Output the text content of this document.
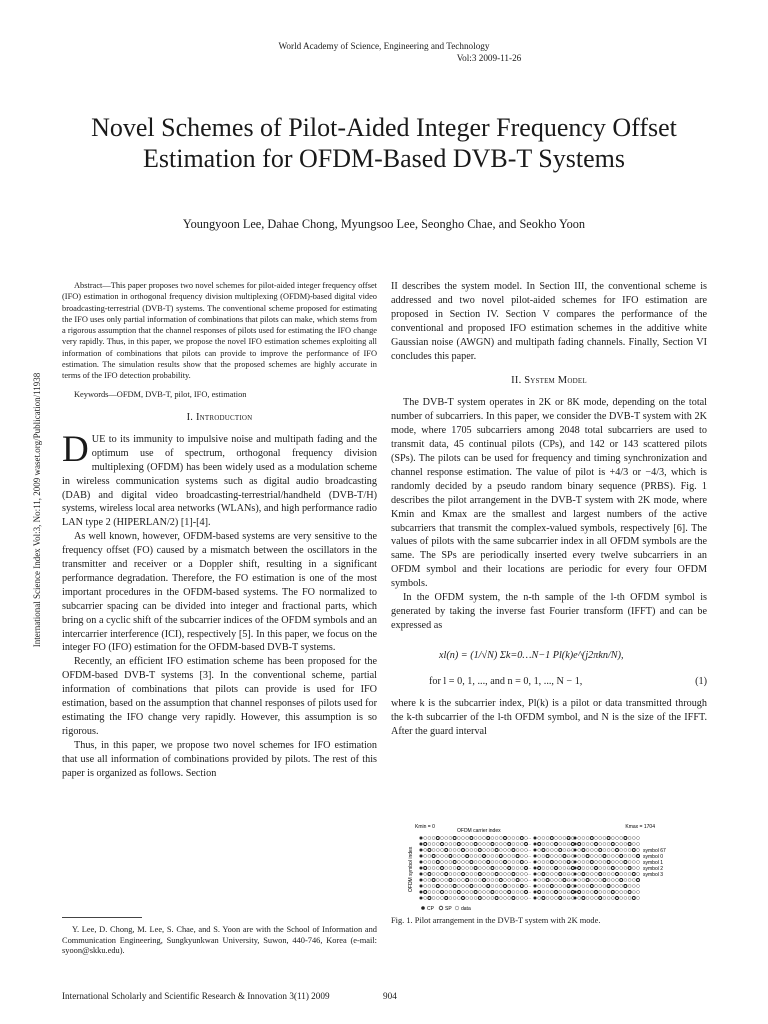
World Academy of Science, Engineering and Technology
Vol:3 2009-11-26
Novel Schemes of Pilot-Aided Integer Frequency Offset Estimation for OFDM-Based DVB-T Systems
Youngyoon Lee, Dahae Chong, Myungsoo Lee, Seongho Chae, and Seokho Yoon
International Science Index Vol:3, No:11, 2009 waset.org/Publication/11938

Abstract—This paper proposes two novel schemes for pilot-aided integer frequency offset (IFO) estimation in orthogonal frequency division multiplexing (OFDM)-based digital video broadcasting-terrestrial (DVB-T) systems. The conventional scheme proposed for estimating the IFO uses only partial information of combinations that pilots can make, which stems from a rigorous assumption that the channel responses of pilots used for estimating the IFO change very rapidly. Thus, in this paper, we propose the novel IFO estimation schemes exploiting all information of combinations that pilots can provide to improve the performance of IFO estimation. The simulation results show that the proposed schemes are highly accurate in terms of the IFO detection probability.

Keywords—OFDM, DVB-T, pilot, IFO, estimation

I. Introduction

DUE to its immunity to impulsive noise and multipath fading and the optimum use of spectrum, orthogonal frequency division multiplexing (OFDM) has been widely used as a modulation scheme in wireless communication systems such as digital audio broadcasting (DAB) and digital video broadcasting-terrestrial/handheld (DVB-T/H) systems, wireless local area networks (WLANs), and high performance radio LAN type 2 (HIPERLAN/2) [1]-[4].

As well known, however, OFDM-based systems are very sensitive to the frequency offset (FO) caused by a mismatch between the oscillators in the transmitter and receiver or a Doppler shift, resulting in a significant performance degradation. Therefore, the FO estimation is one of the most important procedures in the OFDM-based systems. The FO normalized to subcarrier spacing can be divided into integer and fractional parts, which bring on a cyclic shift of the subcarrier indices of the OFDM symbols and an intercarrier interference (ICI), respectively [5]. In this paper, we focus on the integer FO (IFO) estimation for the OFDM-based DVB-T systems.

Recently, an efficient IFO estimation scheme has been proposed for the OFDM-based DVB-T systems [3]. In the conventional scheme, partial information of combinations that pilots can provide is used for IFO estimation, based on the assumption that channel responses of pilots used for estimating the IFO change very rapidly. However, this assumption is so rigorous.

Thus, in this paper, we propose two novel schemes for IFO estimation that use all information of combinations provided by pilots. The rest of this paper is organized as follows. Section

Y. Lee, D. Chong, M. Lee, S. Chae, and S. Yoon are with the School of Information and Communication Engineering, Sungkyunkwan University, Suwon, 440-746, Korea (e-mail: syoon@skku.edu).

II describes the system model. In Section III, the conventional scheme is addressed and two novel pilot-aided schemes for IFO estimation are proposed in Section IV. Section V compares the performance of the conventional and proposed IFO estimation schemes in the additive white Gaussian noise (AWGN) and multipath fading channels. Finally, Section VI concludes this paper.

II. System Model

The DVB-T system operates in 2K or 8K mode, depending on the total number of subcarriers. In this paper, we consider the DVB-T system with 2K mode, where 1705 subcarriers among 2048 total subcarriers are used to transmit data, 45 continual pilots (CPs), and 142 or 143 scattered pilots (SPs). The pilots can be used for frequency and timing synchronization and channel response estimation. The value of pilot is +4/3 or −4/3, which is randomly decided by a pseudo random binary sequence (PRBS). Fig. 1 describes the pilot arrangement in the DVB-T system with 2K mode, where Kmin and Kmax are the smallest and largest numbers of the active subcarriers that transmit the complex-valued symbols, respectively [6]. The values of pilots with the same subcarrier index in all OFDM symbols are the same. The SPs are periodically inserted every twelve subcarriers in an OFDM symbol and their locations are periodic for every four OFDM symbols.

In the OFDM system, the n-th sample of the l-th OFDM symbol is generated by taking the inverse fast Fourier transform (IFFT) and can be expressed as

xl(n) = (1/√N) Σk=0…N−1 Pl(k)e^(j2πkn/N),
for l = 0, 1, ..., and n = 0, 1, ..., N − 1,	(1)

where k is the subcarrier index, Pl(k) is a pilot or data transmitted through the k-th subcarrier of the l-th OFDM symbol, and N is the size of the IFFT. After the guard interval

Kmin = 0	Kmax = 1704
OFDM carrier index
OFDM symbol index
···	···
···	···
···	···
···	···
···	···
···	···
···	···
···	···
···	···
···	···
···	···
symbol 67
symbol 0
symbol 1
symbol 2
symbol 3
CP SP data
Fig. 1. Pilot arrangement in the DVB-T system with 2K mode.
International Scholarly and Scientific Research & Innovation 3(11) 2009	904
